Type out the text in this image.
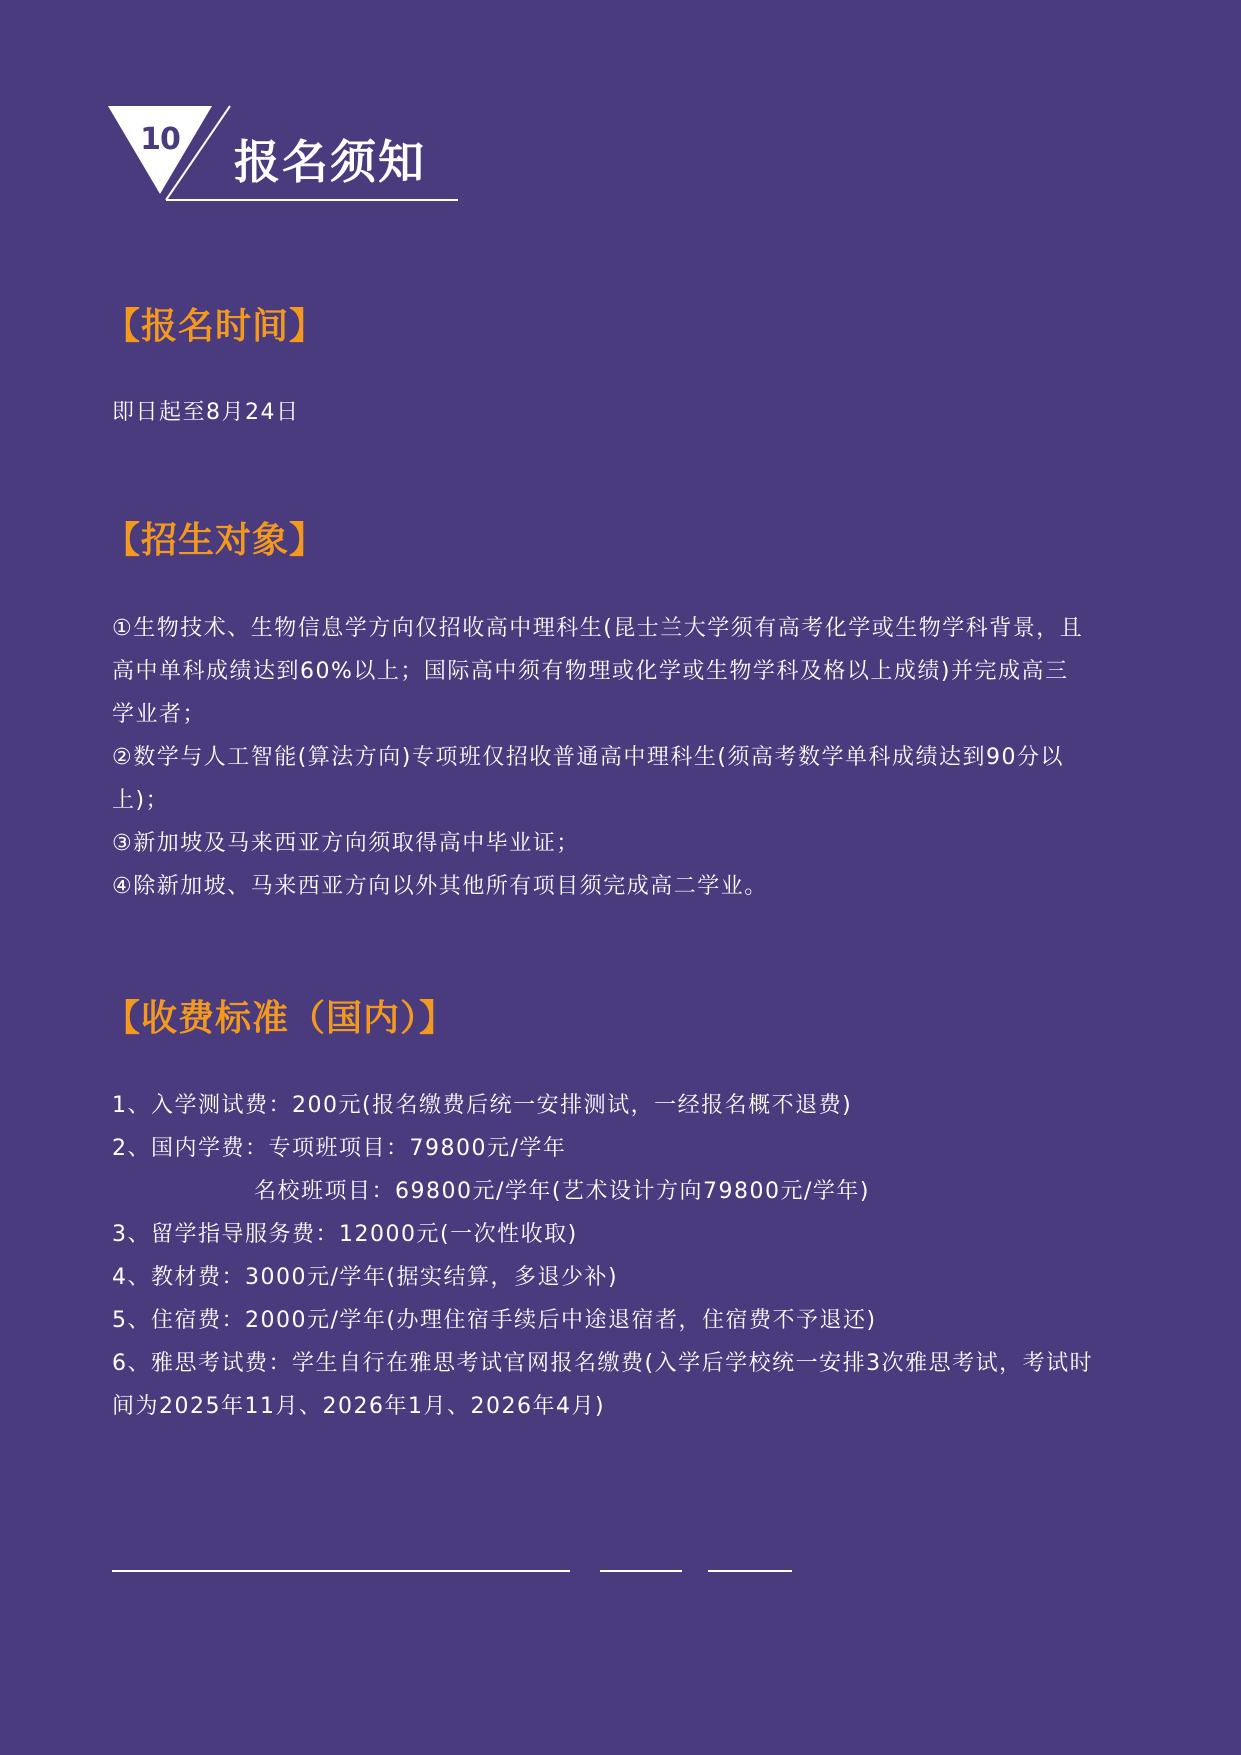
10 报名须知
【报名时间】

即日起至8月24日

【招生对象】

①生物技术、生物信息学方向仅招收高中理科生(昆士兰大学须有高考化学或生物学科背景，且

高中单科成绩达到60%以上；国际高中须有物理或化学或生物学科及格以上成绩)并完成高三

学业者；

②数学与人工智能(算法方向)专项班仅招收普通高中理科生(须高考数学单科成绩达到90分以

上)；

③新加坡及马来西亚方向须取得高中毕业证；

④除新加坡、马来西亚方向以外其他所有项目须完成高二学业。

【收费标准（国内）】

1、入学测试费：200元(报名缴费后统一安排测试，一经报名概不退费)

2、国内学费：专项班项目：79800元/学年

名校班项目：69800元/学年(艺术设计方向79800元/学年)

3、留学指导服务费：12000元(一次性收取)

4、教材费：3000元/学年(据实结算，多退少补)

5、住宿费：2000元/学年(办理住宿手续后中途退宿者，住宿费不予退还)

6、雅思考试费：学生自行在雅思考试官网报名缴费(入学后学校统一安排3次雅思考试，考试时

间为2025年11月、2026年1月、2026年4月)
